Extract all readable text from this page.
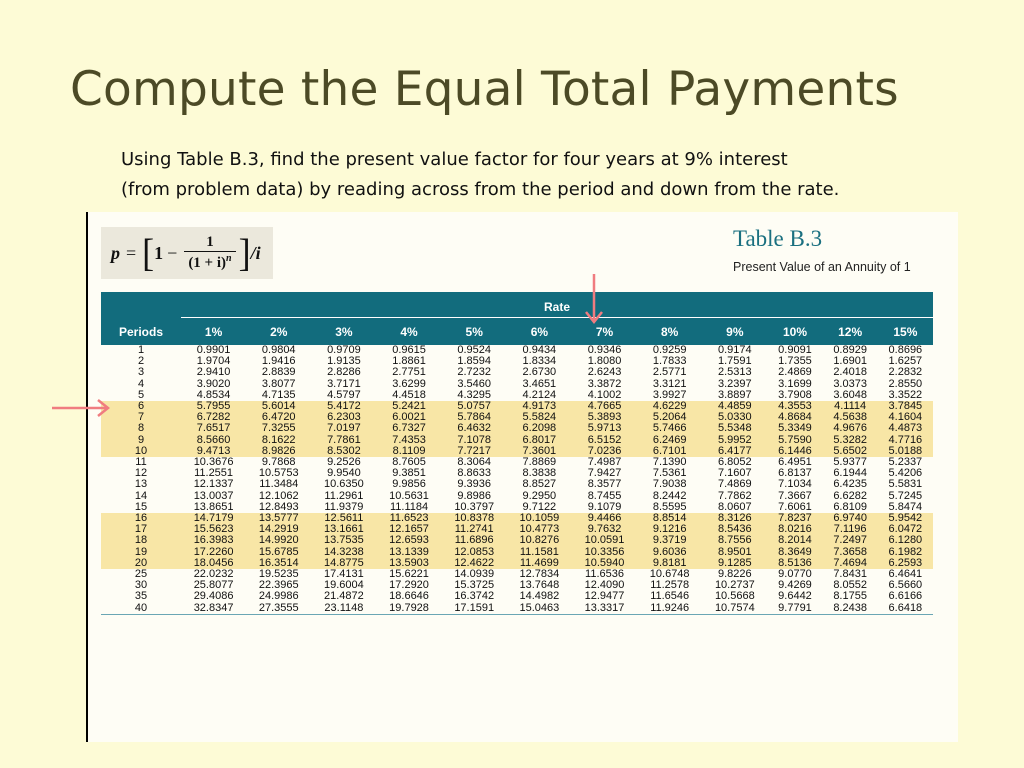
Compute the Equal Total Payments
Using Table B.3, find the present value factor for four years at 9% interest
(from problem data) by reading across from the period and down from the rate.
p = [ $1 - \frac{1}{(1 + i)^n}$ ] /i
Table B.3
Present Value of an Annuity of 1

	Rate											

Periods	1%	2%	3%	4%	5%	6%	7%	8%	9%	10%	12%	15%
1	0.9901	0.9804	0.9709	0.9615	0.9524	0.9434	0.9346	0.9259	0.9174	0.9091	0.8929	0.8696
2	1.9704	1.9416	1.9135	1.8861	1.8594	1.8334	1.8080	1.7833	1.7591	1.7355	1.6901	1.6257
3	2.9410	2.8839	2.8286	2.7751	2.7232	2.6730	2.6243	2.5771	2.5313	2.4869	2.4018	2.2832
4	3.9020	3.8077	3.7171	3.6299	3.5460	3.4651	3.3872	3.3121	3.2397	3.1699	3.0373	2.8550
5	4.8534	4.7135	4.5797	4.4518	4.3295	4.2124	4.1002	3.9927	3.8897	3.7908	3.6048	3.3522
6	5.7955	5.6014	5.4172	5.2421	5.0757	4.9173	4.7665	4.6229	4.4859	4.3553	4.1114	3.7845
7	6.7282	6.4720	6.2303	6.0021	5.7864	5.5824	5.3893	5.2064	5.0330	4.8684	4.5638	4.1604
8	7.6517	7.3255	7.0197	6.7327	6.4632	6.2098	5.9713	5.7466	5.5348	5.3349	4.9676	4.4873
9	8.5660	8.1622	7.7861	7.4353	7.1078	6.8017	6.5152	6.2469	5.9952	5.7590	5.3282	4.7716
10	9.4713	8.9826	8.5302	8.1109	7.7217	7.3601	7.0236	6.7101	6.4177	6.1446	5.6502	5.0188
11	10.3676	9.7868	9.2526	8.7605	8.3064	7.8869	7.4987	7.1390	6.8052	6.4951	5.9377	5.2337
12	11.2551	10.5753	9.9540	9.3851	8.8633	8.3838	7.9427	7.5361	7.1607	6.8137	6.1944	5.4206
13	12.1337	11.3484	10.6350	9.9856	9.3936	8.8527	8.3577	7.9038	7.4869	7.1034	6.4235	5.5831
14	13.0037	12.1062	11.2961	10.5631	9.8986	9.2950	8.7455	8.2442	7.7862	7.3667	6.6282	5.7245
15	13.8651	12.8493	11.9379	11.1184	10.3797	9.7122	9.1079	8.5595	8.0607	7.6061	6.8109	5.8474
16	14.7179	13.5777	12.5611	11.6523	10.8378	10.1059	9.4466	8.8514	8.3126	7.8237	6.9740	5.9542
17	15.5623	14.2919	13.1661	12.1657	11.2741	10.4773	9.7632	9.1216	8.5436	8.0216	7.1196	6.0472
18	16.3983	14.9920	13.7535	12.6593	11.6896	10.8276	10.0591	9.3719	8.7556	8.2014	7.2497	6.1280
19	17.2260	15.6785	14.3238	13.1339	12.0853	11.1581	10.3356	9.6036	8.9501	8.3649	7.3658	6.1982
20	18.0456	16.3514	14.8775	13.5903	12.4622	11.4699	10.5940	9.8181	9.1285	8.5136	7.4694	6.2593
25	22.0232	19.5235	17.4131	15.6221	14.0939	12.7834	11.6536	10.6748	9.8226	9.0770	7.8431	6.4641
30	25.8077	22.3965	19.6004	17.2920	15.3725	13.7648	12.4090	11.2578	10.2737	9.4269	8.0552	6.5660
35	29.4086	24.9986	21.4872	18.6646	16.3742	14.4982	12.9477	11.6546	10.5668	9.6442	8.1755	6.6166
40	32.8347	27.3555	23.1148	19.7928	17.1591	15.0463	13.3317	11.9246	10.7574	9.7791	8.2438	6.6418
